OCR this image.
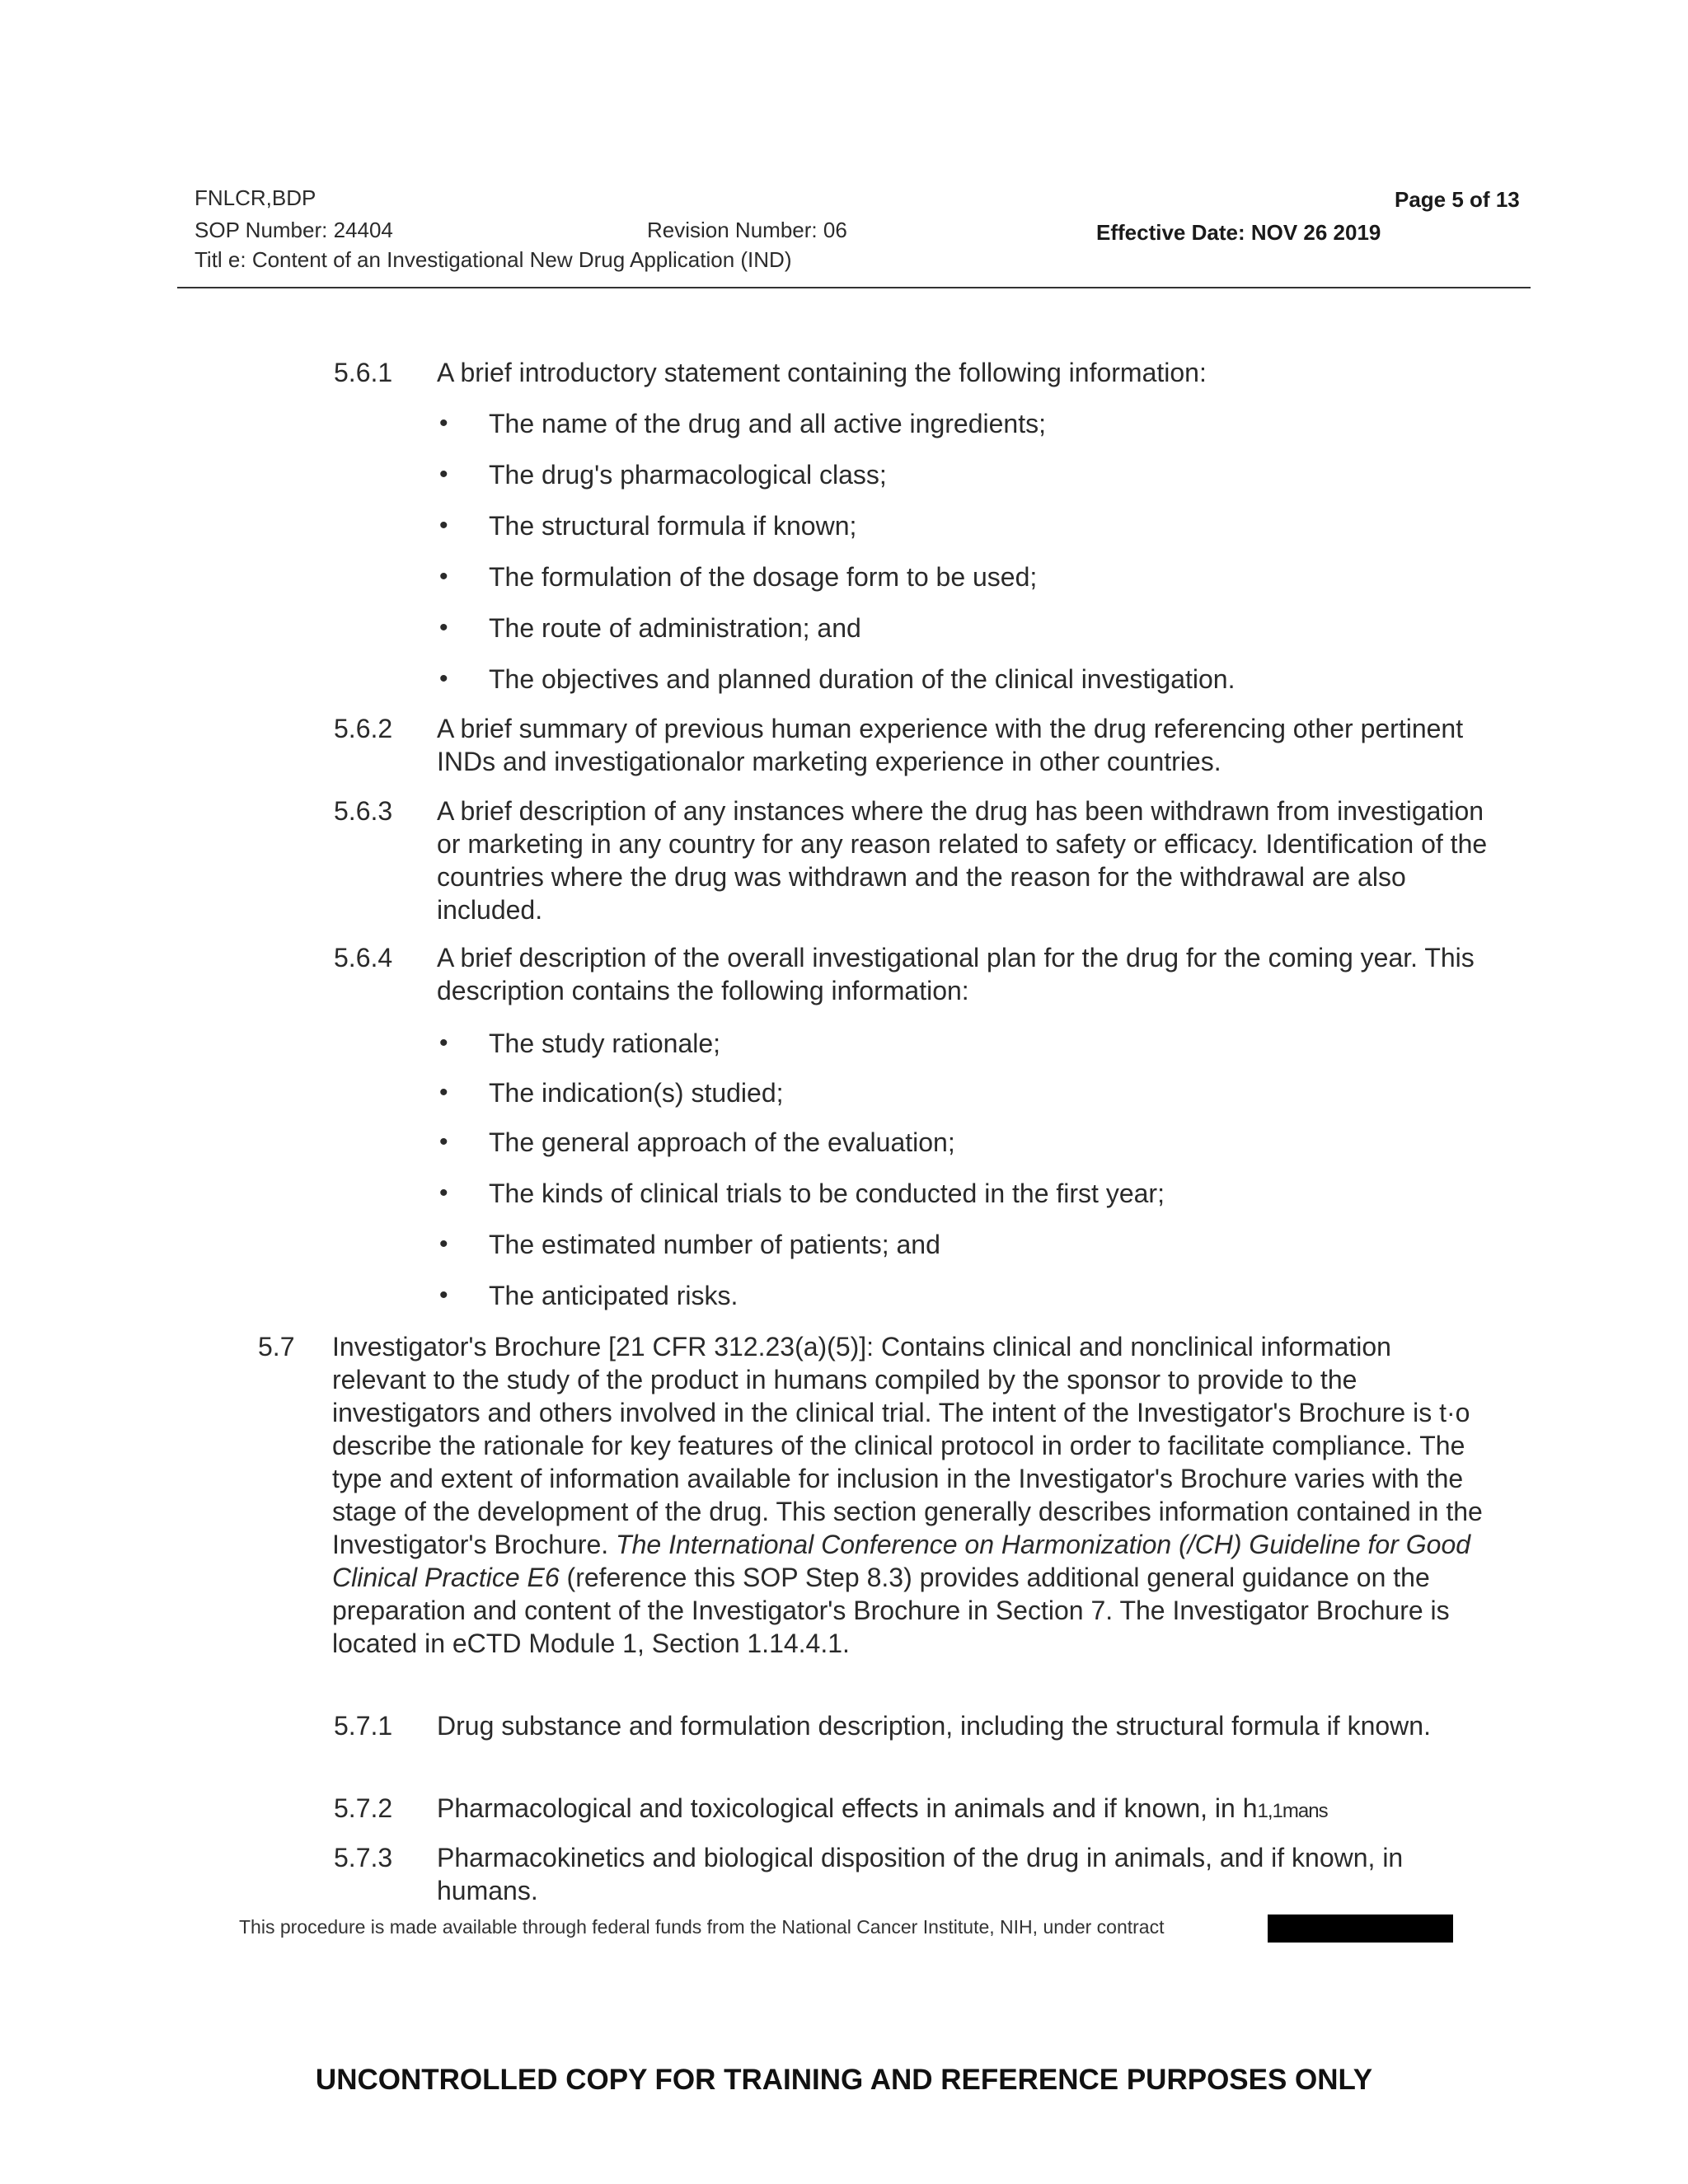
FNLCR,BDP	Page 5 of 13
SOP Number: 24404	Revision Number: 06	Effective Date: NOV 26 2019
Titl e: Content of an Investigational New Drug Application (IND)
5.6.1 A brief introductory statement containing the following information:
• The name of the drug and all active ingredients;
• The drug's pharmacological class;
• The structural formula if known;
• The formulation of the dosage form to be used;
• The route of administration; and
• The objectives and planned duration of the clinical investigation.
5.6.2 A brief summary of previous human experience with the drug referencing other pertinent INDs and investigationalor marketing experience in other countries.
5.6.3 A brief description of any instances where the drug has been withdrawn from investigation or marketing in any country for any reason related to safety or efficacy. Identification of the countries where the drug was withdrawn and the reason for the withdrawal are also included.
5.6.4 A brief description of the overall investigational plan for the drug for the coming year. This description contains the following information:
• The study rationale;
• The indication(s) studied;
• The general approach of the evaluation;
• The kinds of clinical trials to be conducted in the first year;
• The estimated number of patients; and
• The anticipated risks.
5.7 Investigator's Brochure [21 CFR 312.23(a)(5)]: Contains clinical and nonclinical information relevant to the study of the product in humans compiled by the sponsor to provide to the investigators and others involved in the clinical trial. The intent of the Investigator's Brochure is t·o describe the rationale for key features of the clinical protocol in order to facilitate compliance. The type and extent of information available for inclusion in the Investigator's Brochure varies with the stage of the development of the drug. This section generally describes information contained in the Investigator's Brochure. The International Conference on Harmonization (/CH) Guideline for Good Clinical Practice E6 (reference this SOP Step 8.3) provides additional general guidance on the preparation and content of the Investigator's Brochure in Section 7. The Investigator Brochure is located in eCTD Module 1, Section 1.14.4.1.
5.7.1 Drug substance and formulation description, including the structural formula if known.
5.7.2 Pharmacological and toxicological effects in animals and if known, in h1,1mans
5.7.3 Pharmacokinetics and biological disposition of the drug in animals, and if known, in humans.
This procedure is made available through federal funds from the National Cancer Institute, NIH, under contract
UNCONTROLLED COPY FOR TRAINING AND REFERENCE PURPOSES ONLY
